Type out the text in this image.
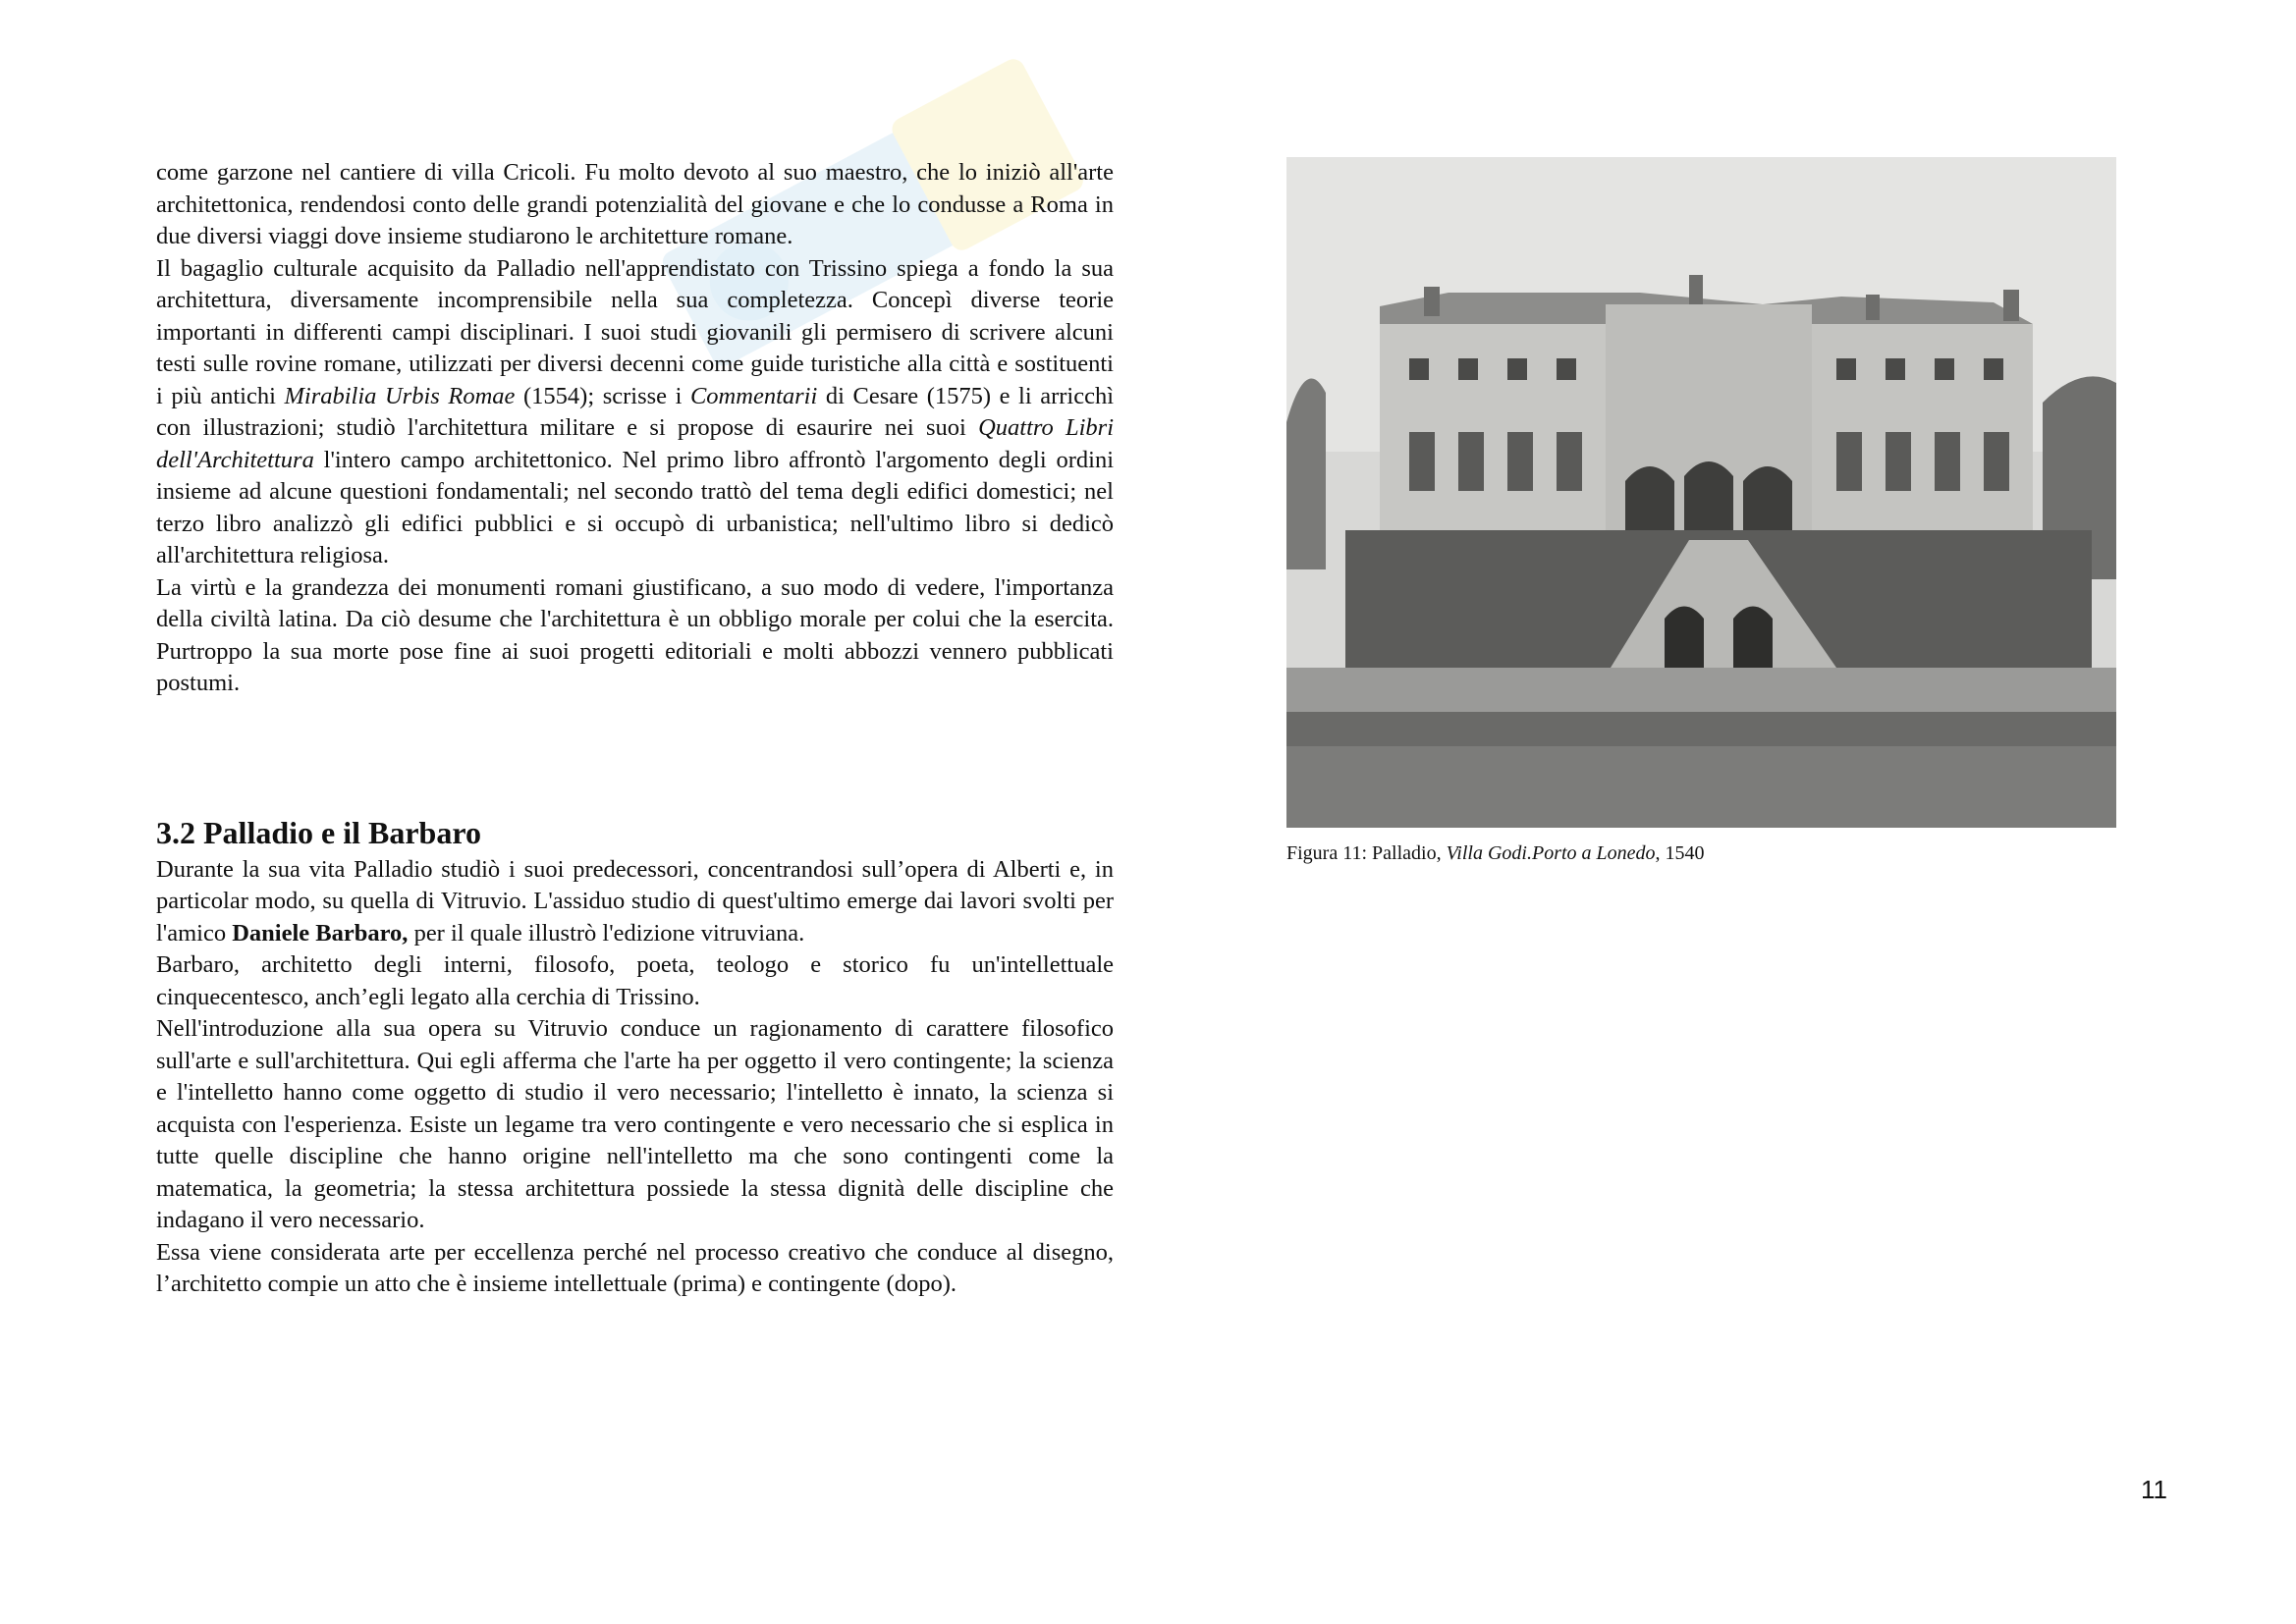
come garzone nel cantiere di villa Cricoli. Fu molto devoto al suo maestro, che lo iniziò all'arte architettonica, rendendosi conto delle grandi potenzialità del giovane e che lo condusse a Roma in due diversi viaggi dove insieme studiarono le architetture romane.

Il bagaglio culturale acquisito da Palladio nell'apprendistato con Trissino spiega a fondo la sua architettura, diversamente incomprensibile nella sua completezza. Concepì diverse teorie importanti in differenti campi disciplinari. I suoi studi giovanili gli permisero di scrivere alcuni testi sulle rovine romane, utilizzati per diversi decenni come guide turistiche alla città e sostituenti i più antichi Mirabilia Urbis Romae (1554); scrisse i Commentarii di Cesare (1575) e li arricchì con illustrazioni; studiò l'architettura militare e si propose di esaurire nei suoi Quattro Libri dell'Architettura l'intero campo architettonico. Nel primo libro affrontò l'argomento degli ordini insieme ad alcune questioni fondamentali; nel secondo trattò del tema degli edifici domestici; nel terzo libro analizzò gli edifici pubblici e si occupò di urbanistica; nell'ultimo libro si dedicò all'architettura religiosa.

La virtù e la grandezza dei monumenti romani giustificano, a suo modo di vedere, l'importanza della civiltà latina. Da ciò desume che l'architettura è un obbligo morale per colui che la esercita. Purtroppo la sua morte pose fine ai suoi progetti editoriali e molti abbozzi vennero pubblicati postumi.

3.2 Palladio e il Barbaro

Durante la sua vita Palladio studiò i suoi predecessori, concentrandosi sull’opera di Alberti e, in particolar modo, su quella di Vitruvio. L'assiduo studio di quest'ultimo emerge dai lavori svolti per l'amico Daniele Barbaro, per il quale illustrò l'edizione vitruviana.

Barbaro, architetto degli interni, filosofo, poeta, teologo e storico fu un'intellettuale cinquecentesco, anch’egli legato alla cerchia di Trissino.

Nell'introduzione alla sua opera su Vitruvio conduce un ragionamento di carattere filosofico sull'arte e sull'architettura. Qui egli afferma che l'arte ha per oggetto il vero contingente; la scienza e l'intelletto hanno come oggetto di studio il vero necessario; l'intelletto è innato, la scienza si acquista con l'esperienza. Esiste un legame tra vero contingente e vero necessario che si esplica in tutte quelle discipline che hanno origine nell'intelletto ma che sono contingenti come la matematica, la geometria; la stessa architettura possiede la stessa dignità delle discipline che indagano il vero necessario.

Essa viene considerata arte per eccellenza perché nel processo creativo che conduce al disegno, l’architetto compie un atto che è insieme intellettuale (prima) e contingente (dopo).

Figura 11: Palladio, Villa Godi.Porto a Lonedo, 1540
11
